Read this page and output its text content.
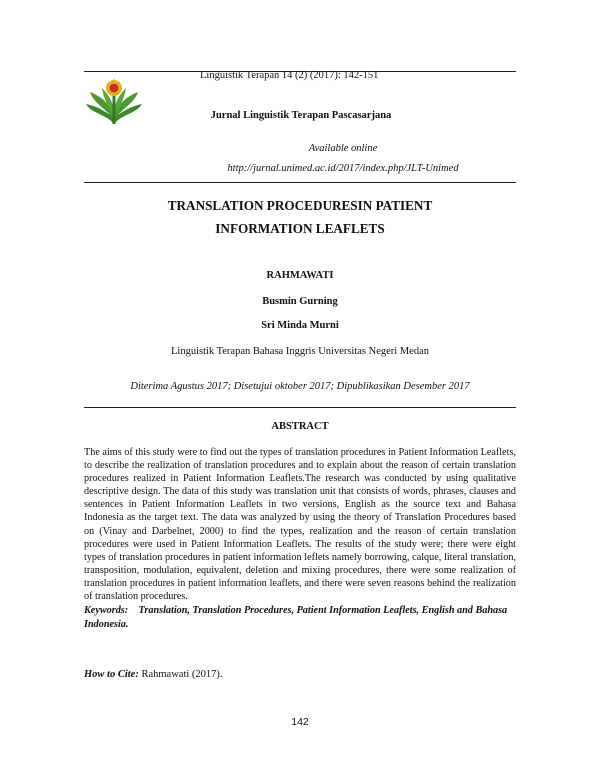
Linguistik Terapan 14 (2) (2017): 142-151
Jurnal Linguistik Terapan Pascasarjana
Available online
http://jurnal.unimed.ac.id/2017/index.php/JLT-Unimed
TRANSLATION PROCEDURESIN PATIENT
INFORMATION LEAFLETS
RAHMAWATI
Busmin Gurning
Sri Minda Murni
Linguistik Terapan Bahasa Inggris Universitas Negeri Medan
Diterima Agustus 2017; Disetujui oktober 2017; Dipublikasikan Desember 2017
ABSTRACT

The aims of this study were to find out the types of translation procedures in Patient Information Leaflets, to describe the realization of translation procedures and to explain about the reason of certain translation procedures realized in Patient Information Leaflets.The research was conducted by using qualitative descriptive design. The data of this study was translation unit that consists of words, phrases, clauses and sentences in Patient Information Leaflets in two versions, English as the source text and Bahasa Indonesia as the target text. The data was analyzed by using the theory of Translation Procedures based on (Vinay and Darbelnet, 2000) to find the types, realization and the reason of certain translation procedures were used in Patient Information Leaflets. The results of the study were; there were eight types of translation procedures in patient information leflets namely borrowing, calque, literal translation, transposition, modulation, equivalent, deletion and mixing procedures, there were some realization of translation procedures in patient information leaflets, and there were seven reasons behind the realization of translation procedures.

Keywords: Translation, Translation Procedures, Patient Information Leaflets, English and Bahasa Indonesia.
How to Cite: Rahmawati (2017).
142
